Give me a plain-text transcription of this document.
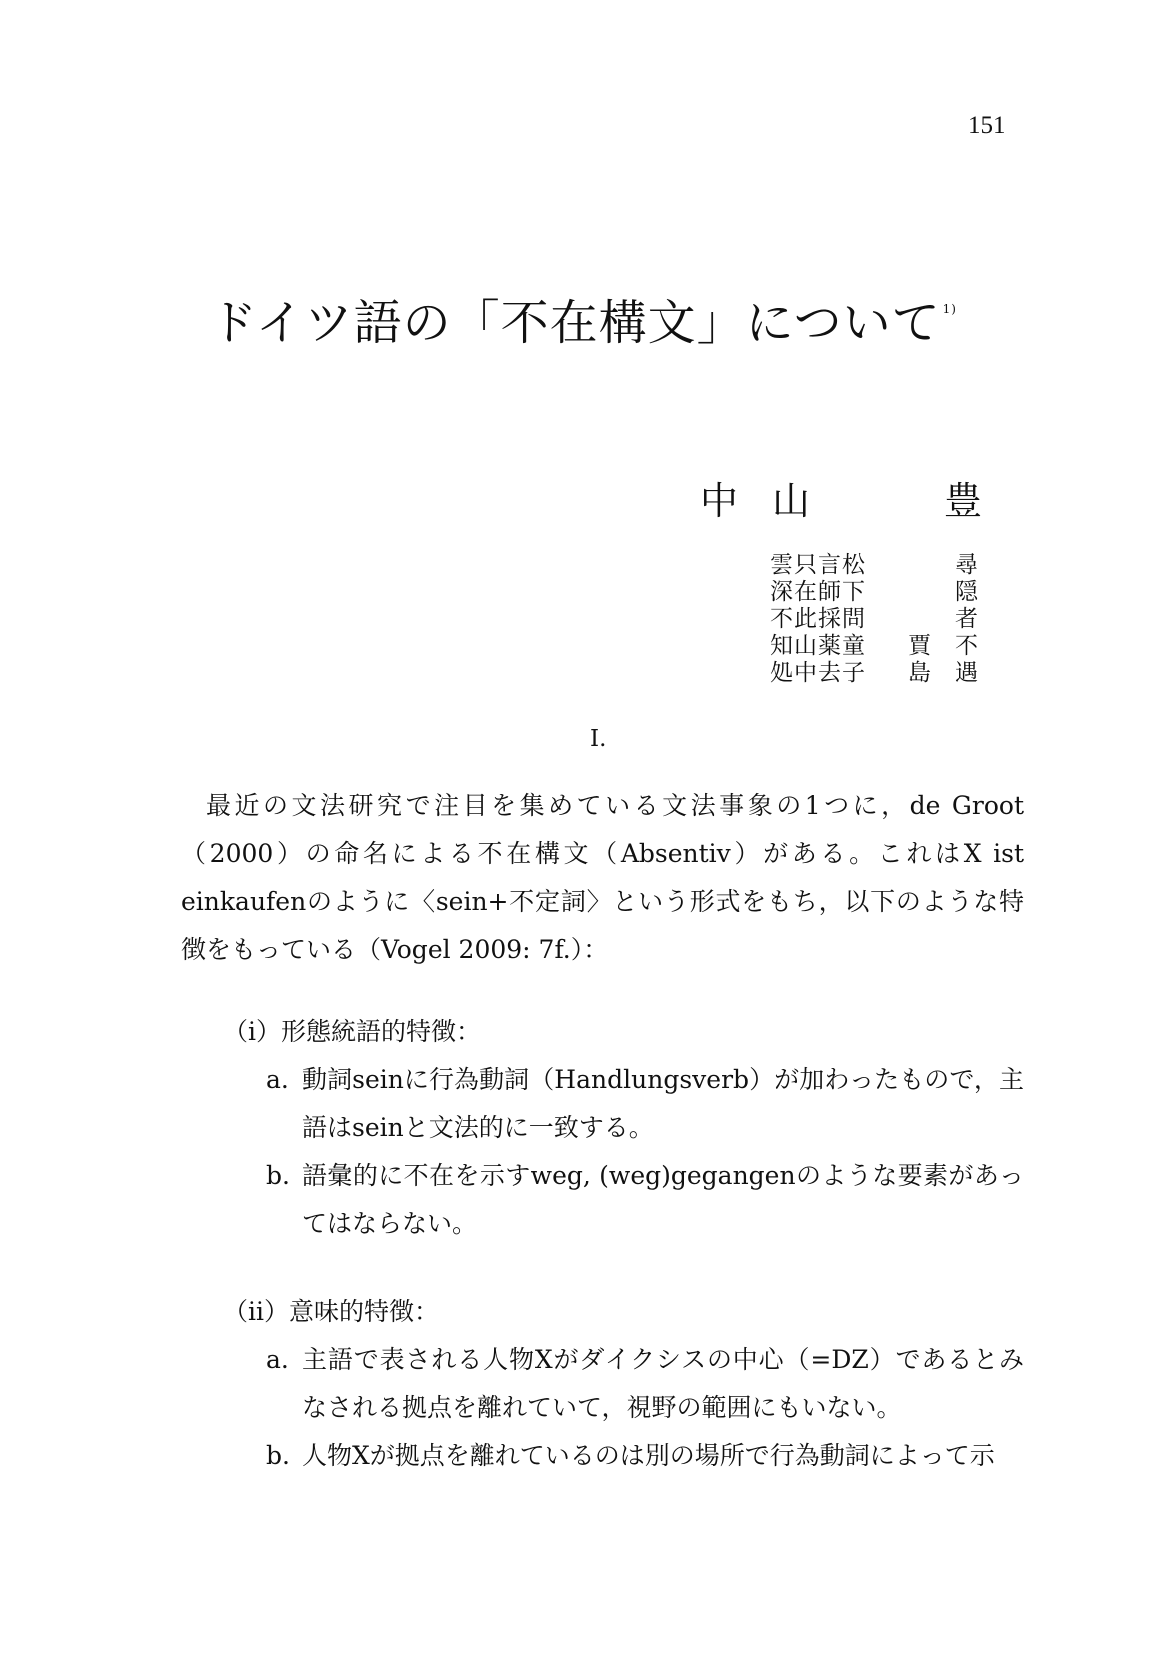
151
ドイツ語の「不在構文」について $^{1)}$
中 山	豊
雲只言松	尋
深在師下	隠
不此採問	者
知山薬童 賈 不
処中去子 島 遇
Ⅰ.

最近の文法研究で注目を集めている文法事象の1つに，de Groot（2000）の命名による不在構文（Absentiv）がある。これはX ist einkaufenのように〈sein+不定詞〉という形式をもち，以下のような特徴をもっている（Vogel 2009: 7f.）：

（ⅰ）形態統語的特徴：
a. 動詞seinに行為動詞（Handlungsverb）が加わったもので，主語はseinと文法的に一致する。
b. 語彙的に不在を示すweg, (weg)gegangenのような要素があってはならない。
（ⅱ）意味的特徴：
a. 主語で表される人物Xがダイクシスの中心（=DZ）であるとみなされる拠点を離れていて，視野の範囲にもいない。
b. 人物Xが拠点を離れているのは別の場所で行為動詞によって示
